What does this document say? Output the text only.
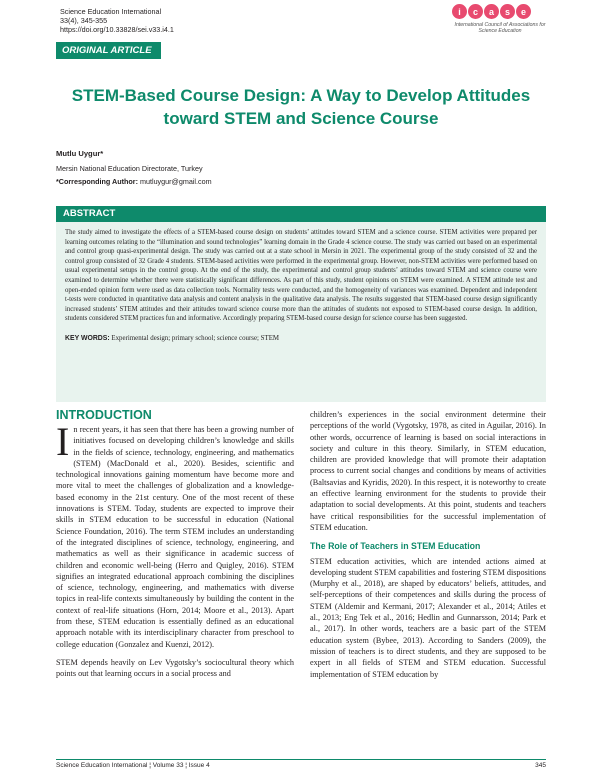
Science Education International
33(4), 345-355
https://doi.org/10.33828/sei.v33.i4.1
i	c	a	s	e
International Council of Associations for Science Education
ORIGINAL ARTICLE
STEM-Based Course Design: A Way to Develop Attitudes toward STEM and Science Course
Mutlu Uygur*
Mersin National Education Directorate, Turkey
*Corresponding Author: mutluygur@gmail.com
ABSTRACT

The study aimed to investigate the effects of a STEM-based course design on students’ attitudes toward STEM and a science course. STEM activities were prepared per learning outcomes relating to the “illumination and sound technologies” learning domain in the Grade 4 science course. The study was carried out based on an experimental and control group quasi-experimental design. The study was carried out at a state school in Mersin in 2021. The experimental group of the study consisted of 32 and the control group consisted of 32 Grade 4 students. STEM-based activities were performed in the experimental group. However, non-STEM activities were performed based on usual experimental setups in the control group. At the end of the study, the experimental and control group students’ attitudes toward STEM and science course were examined to determine whether there were statistically significant differences. As part of this study, student opinions on STEM were examined. A STEM attitude test and open-ended opinion form were used as data collection tools. Normality tests were conducted, and the homogeneity of variances was examined. Dependent and independent t-tests were conducted in quantitative data analysis and content analysis in the qualitative data analysis. The results suggested that STEM-based course design significantly increased students’ STEM attitudes and their attitudes toward science course more than the attitudes of students not exposed to STEM-based course design. In addition, students considered STEM practices fun and informative. Accordingly preparing STEM-based course design for science course has been suggested.

KEY WORDS: Experimental design; primary school; science course; STEM
INTRODUCTION

In recent years, it has seen that there has been a growing number of initiatives focused on developing children’s knowledge and skills in the fields of science, technology, engineering, and mathematics (STEM) (MacDonald et al., 2020). Besides, scientific and technological innovations gaining momentum have become more and more vital to meet the challenges of globalization and a knowledge-based economy in the 21st century. One of the most recent of these innovations is STEM. Today, students are expected to improve their skills in STEM education to be successful in education (National Science Foundation, 2016). The term STEM includes an understanding of the integrated disciplines of science, technology, engineering, and mathematics as well as their significance in academic success of children and economic well-being (Herro and Quigley, 2016). STEM signifies an integrated educational approach combining the disciplines of science, technology, engineering, and mathematics with diverse topics in real-life contexts simultaneously by building the content in the context of real-life situations (Horn, 2014; Moore et al., 2013). Apart from these, STEM education is essentially defined as an educational approach notable with its interdisciplinary character from preschool to college education (Gonzalez and Kuenzi, 2012).

STEM depends heavily on Lev Vygotsky’s sociocultural theory which points out that learning occurs in a social process and

children’s experiences in the social environment determine their perceptions of the world (Vygotsky, 1978, as cited in Aguilar, 2016). In other words, occurrence of learning is based on social interactions in society and culture in this theory. Similarly, in STEM education, children are provided knowledge that will promote their adaptation process to current social changes and conditions by means of activities (Baltsavias and Kyridis, 2020). In this respect, it is noteworthy to create an effective learning environment for the students to provide their adaptation to social developments. At this point, students and teachers have critical responsibilities for the successful implementation of STEM education.

The Role of Teachers in STEM Education

STEM education activities, which are intended actions aimed at developing student STEM capabilities and fostering STEM dispositions (Murphy et al., 2018), are shaped by educators’ beliefs, attitudes, and self-perceptions of their competences and skills during the process of STEM (Aldemir and Kermani, 2017; Alexander et al., 2014; Atiles et al., 2013; Eng Tek et al., 2016; Hedlin and Gunnarsson, 2014; Park et al., 2017). In other words, teachers are a basic part of the STEM education system (Bybee, 2013). According to Sanders (2009), the mission of teachers is to direct students, and they are supposed to be expert in all fields of STEM and STEM education. Successful implementation of STEM education by

Science Education International ¦ Volume 33 ¦ Issue 4	345
